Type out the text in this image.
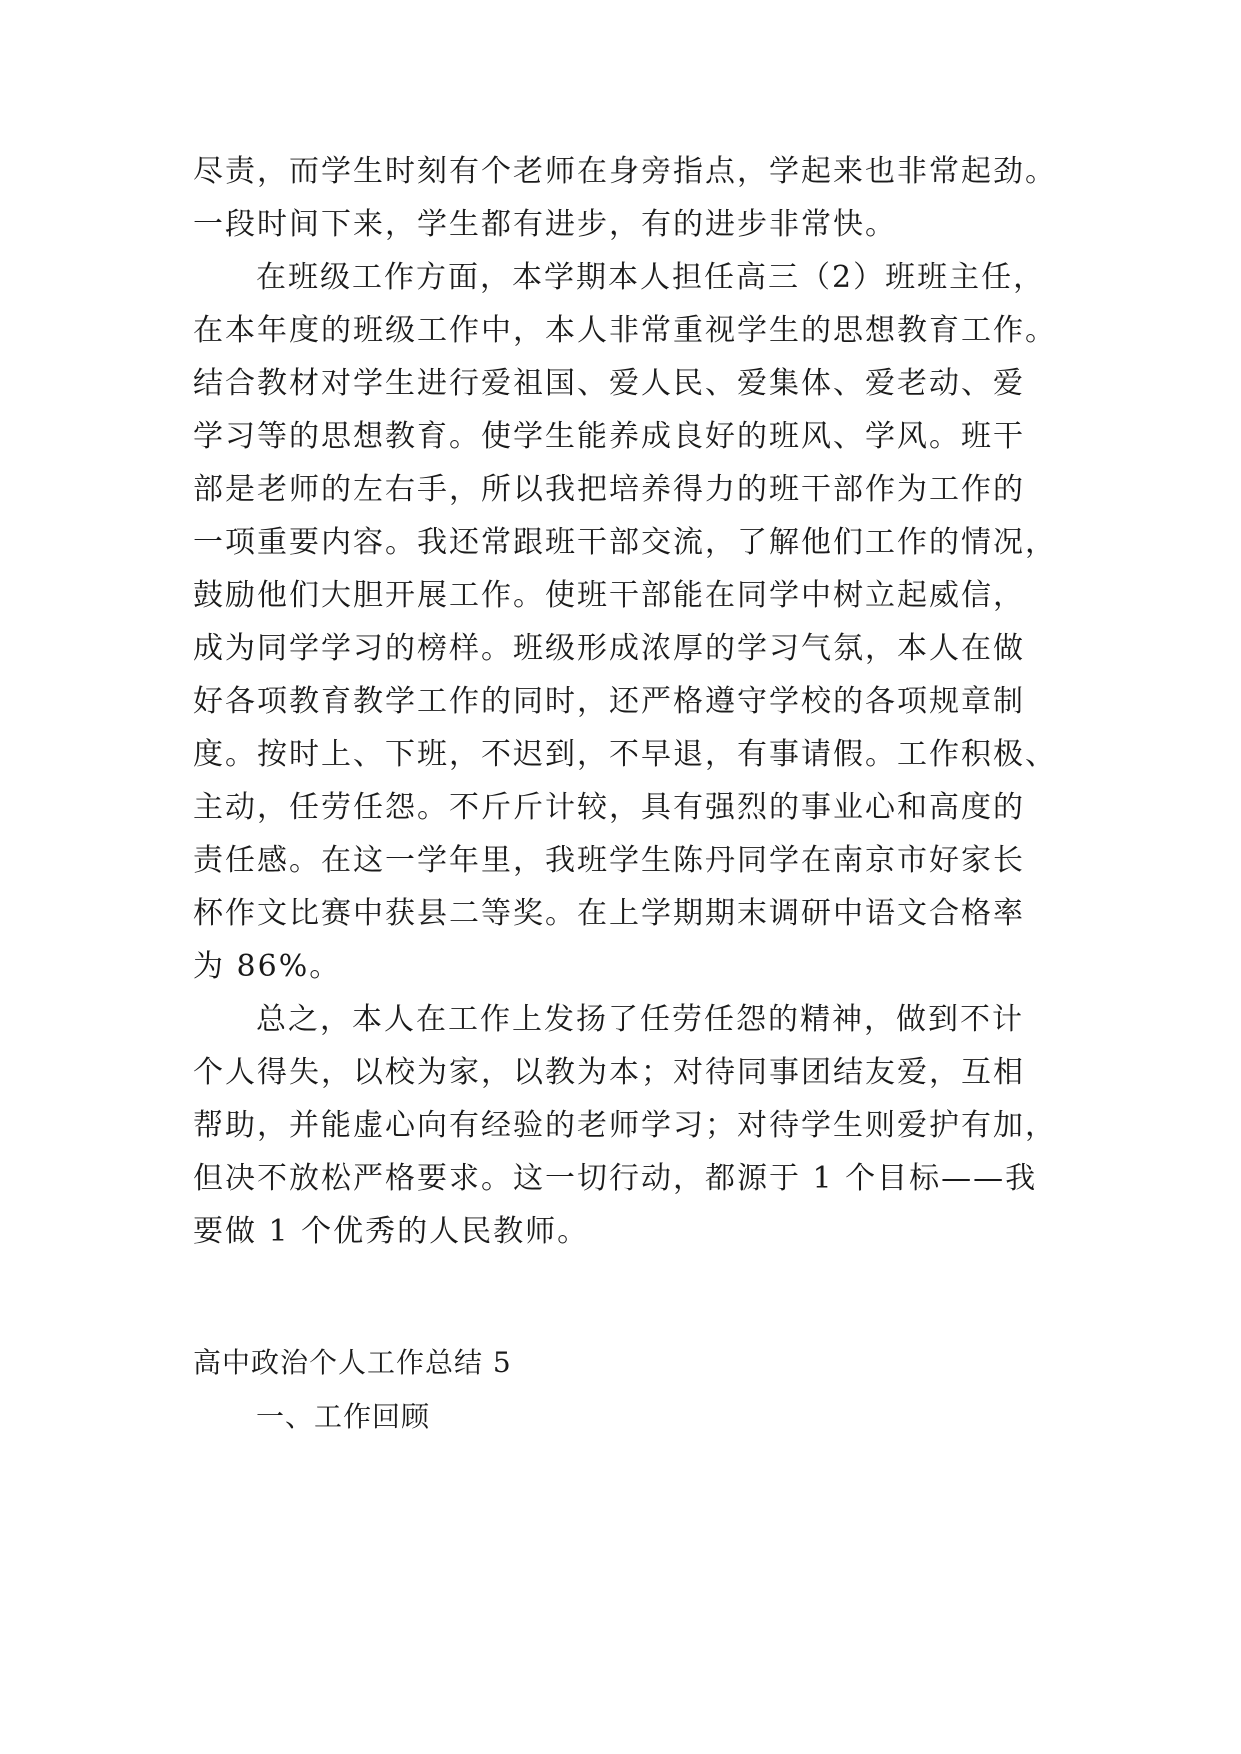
尽责，而学生时刻有个老师在身旁指点，学起来也非常起劲。
一段时间下来，学生都有进步，有的进步非常快。
在班级工作方面，本学期本人担任高三（2）班班主任，
在本年度的班级工作中，本人非常重视学生的思想教育工作。
结合教材对学生进行爱祖国、爱人民、爱集体、爱老动、爱
学习等的思想教育。使学生能养成良好的班风、学风。班干
部是老师的左右手，所以我把培养得力的班干部作为工作的
一项重要内容。我还常跟班干部交流，了解他们工作的情况，
鼓励他们大胆开展工作。使班干部能在同学中树立起威信，
成为同学学习的榜样。班级形成浓厚的学习气氛，本人在做
好各项教育教学工作的同时，还严格遵守学校的各项规章制
度。按时上、下班，不迟到，不早退，有事请假。工作积极、
主动，任劳任怨。不斤斤计较，具有强烈的事业心和高度的
责任感。在这一学年里，我班学生陈丹同学在南京市好家长
杯作文比赛中获县二等奖。在上学期期末调研中语文合格率
为 86%。
总之，本人在工作上发扬了任劳任怨的精神，做到不计
个人得失，以校为家，以教为本；对待同事团结友爱，互相
帮助，并能虚心向有经验的老师学习；对待学生则爱护有加，
但决不放松严格要求。这一切行动，都源于 1 个目标——我
要做 1 个优秀的人民教师。
高中政治个人工作总结 5
一、工作回顾
